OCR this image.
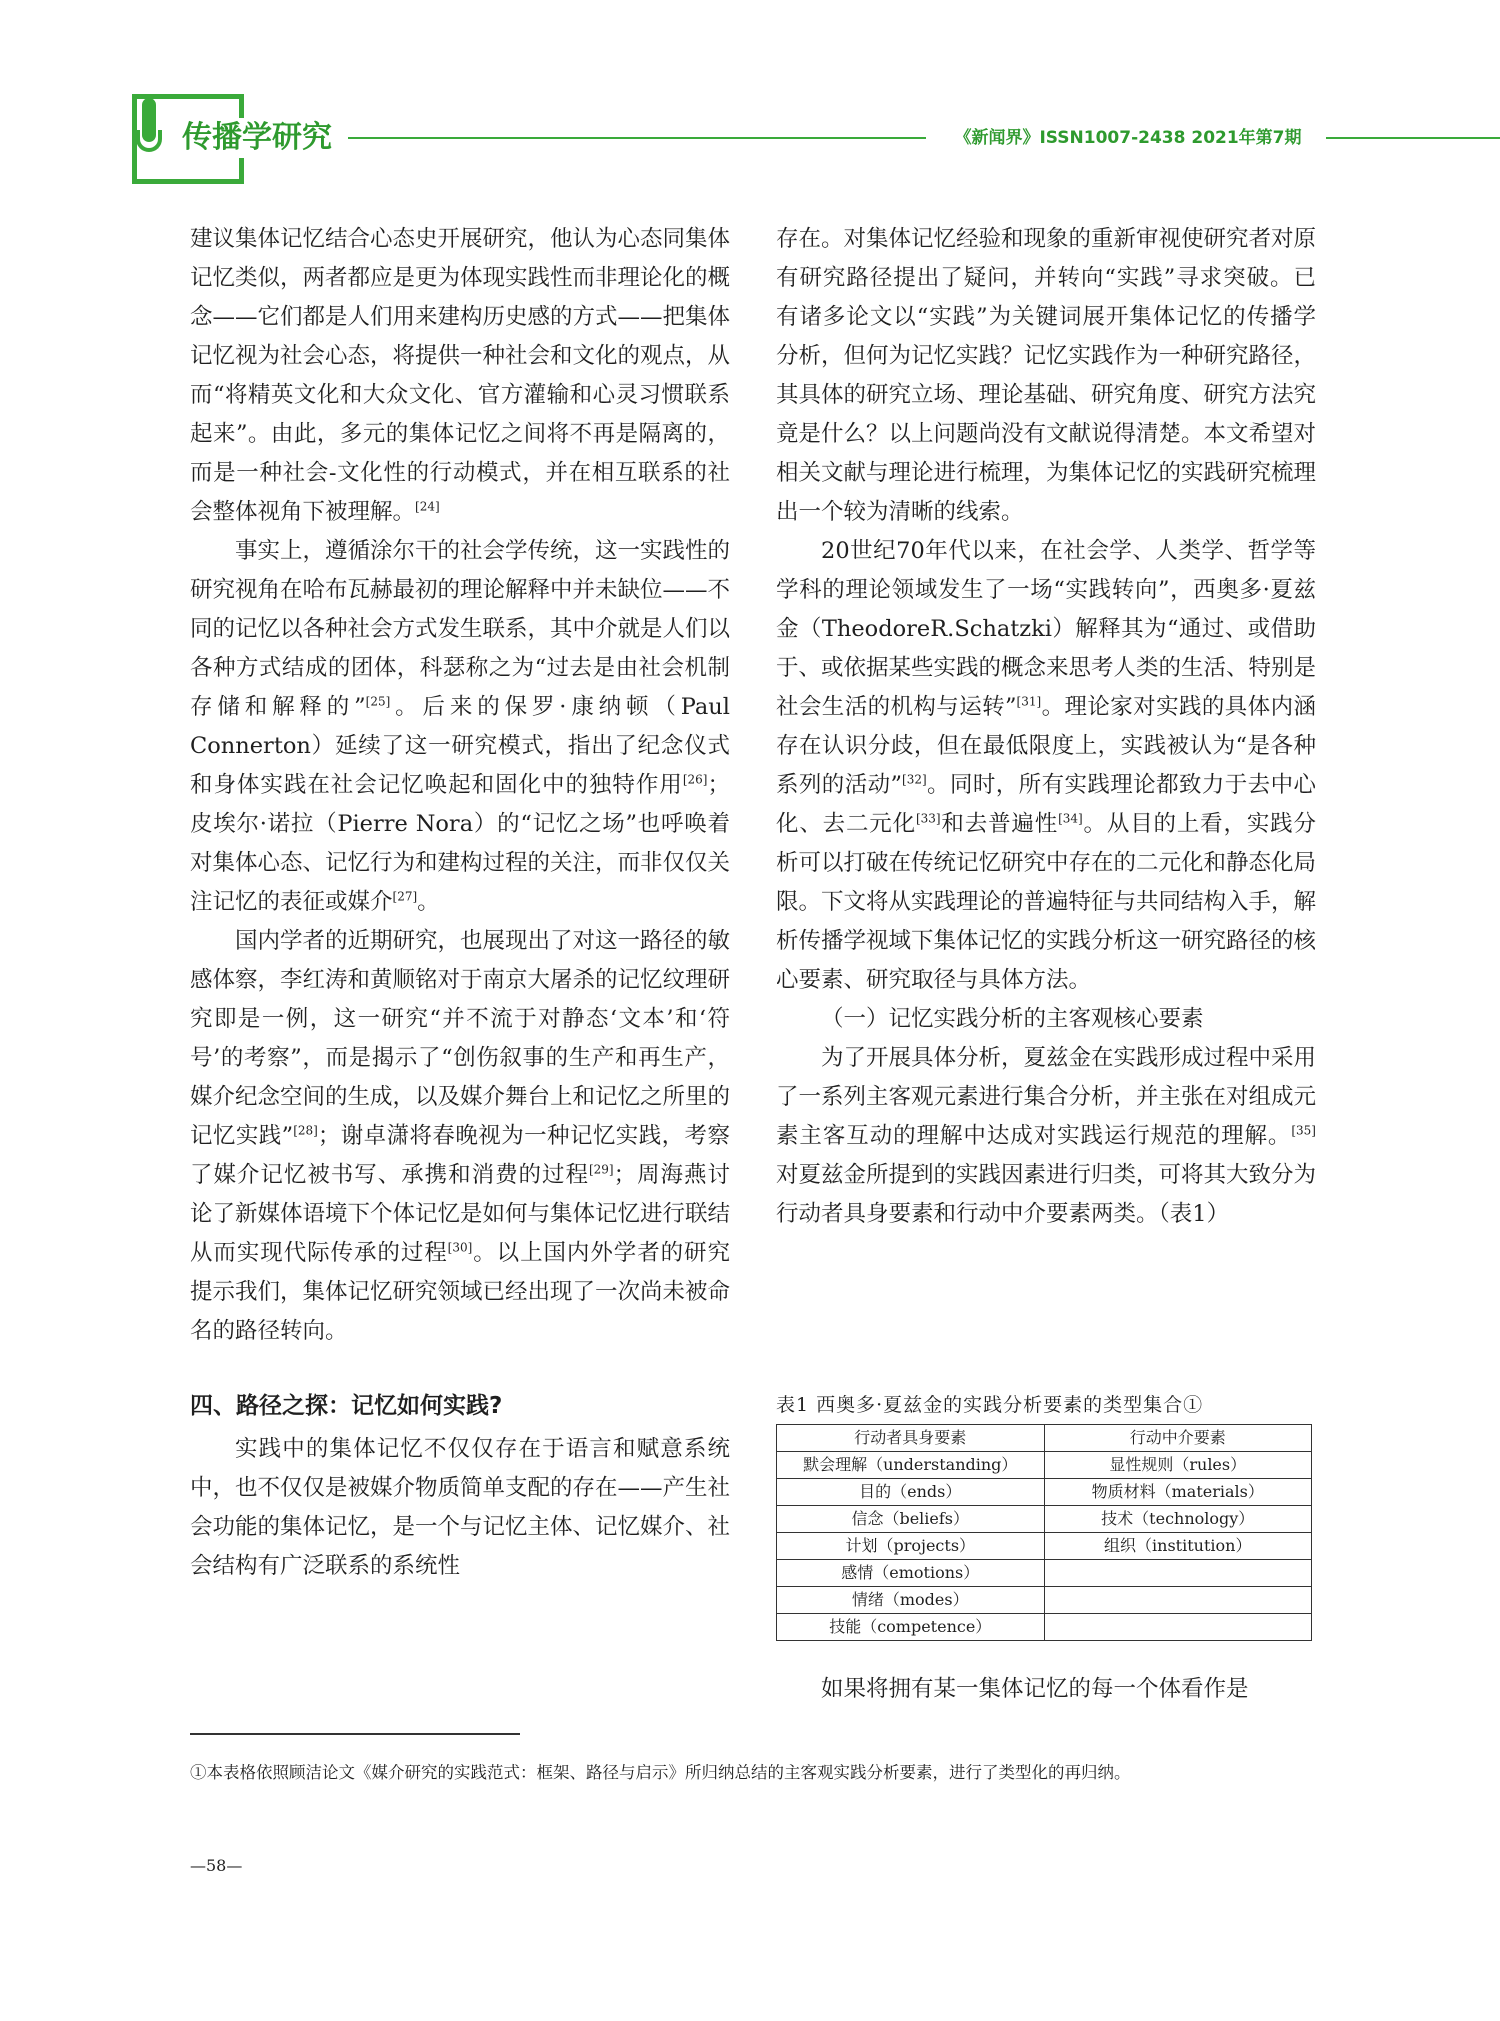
传播学研究	《新闻界》ISSN1007-2438 2021年第7期

建议集体记忆结合心态史开展研究，他认为心态同集体记忆类似，两者都应是更为体现实践性而非理论化的概念——它们都是人们用来建构历史感的方式——把集体记忆视为社会心态，将提供一种社会和文化的观点，从而“将精英文化和大众文化、官方灌输和心灵习惯联系起来”。由此，多元的集体记忆之间将不再是隔离的，而是一种社会-文化性的行动模式，并在相互联系的社会整体视角下被理解。[24]

事实上，遵循涂尔干的社会学传统，这一实践性的研究视角在哈布瓦赫最初的理论解释中并未缺位——不同的记忆以各种社会方式发生联系，其中介就是人们以各种方式结成的团体，科瑟称之为“过去是由社会机制存储和解释的”[25]。后来的保罗·康纳顿（Paul Connerton）延续了这一研究模式，指出了纪念仪式和身体实践在社会记忆唤起和固化中的独特作用[26]；皮埃尔·诺拉（Pierre Nora）的“记忆之场”也呼唤着对集体心态、记忆行为和建构过程的关注，而非仅仅关注记忆的表征或媒介[27]。

国内学者的近期研究，也展现出了对这一路径的敏感体察，李红涛和黄顺铭对于南京大屠杀的记忆纹理研究即是一例，这一研究“并不流于对静态‘文本’和‘符号’的考察”，而是揭示了“创伤叙事的生产和再生产，媒介纪念空间的生成，以及媒介舞台上和记忆之所里的记忆实践”[28]；谢卓潇将春晚视为一种记忆实践，考察了媒介记忆被书写、承携和消费的过程[29]；周海燕讨论了新媒体语境下个体记忆是如何与集体记忆进行联结从而实现代际传承的过程[30]。以上国内外学者的研究提示我们，集体记忆研究领域已经出现了一次尚未被命名的路径转向。

四、路径之探：记忆如何实践?

实践中的集体记忆不仅仅存在于语言和赋意系统中，也不仅仅是被媒介物质简单支配的存在——产生社会功能的集体记忆，是一个与记忆主体、记忆媒介、社会结构有广泛联系的系统性

存在。对集体记忆经验和现象的重新审视使研究者对原有研究路径提出了疑问，并转向“实践”寻求突破。已有诸多论文以“实践”为关键词展开集体记忆的传播学分析，但何为记忆实践？记忆实践作为一种研究路径，其具体的研究立场、理论基础、研究角度、研究方法究竟是什么？以上问题尚没有文献说得清楚。本文希望对相关文献与理论进行梳理，为集体记忆的实践研究梳理出一个较为清晰的线索。

20世纪70年代以来，在社会学、人类学、哲学等学科的理论领域发生了一场“实践转向”，西奥多·夏兹金（TheodoreR.Schatzki）解释其为“通过、或借助于、或依据某些实践的概念来思考人类的生活、特别是社会生活的机构与运转”[31]。理论家对实践的具体内涵存在认识分歧，但在最低限度上，实践被认为“是各种系列的活动”[32]。同时，所有实践理论都致力于去中心化、去二元化[33]和去普遍性[34]。从目的上看，实践分析可以打破在传统记忆研究中存在的二元化和静态化局限。下文将从实践理论的普遍特征与共同结构入手，解析传播学视域下集体记忆的实践分析这一研究路径的核心要素、研究取径与具体方法。

（一）记忆实践分析的主客观核心要素

为了开展具体分析，夏兹金在实践形成过程中采用了一系列主客观元素进行集合分析，并主张在对组成元素主客互动的理解中达成对实践运行规范的理解。[35]对夏兹金所提到的实践因素进行归类，可将其大致分为行动者具身要素和行动中介要素两类。（表1）

表1 西奥多·夏兹金的实践分析要素的类型集合①
行动者具身要素	行动中介要素
默会理解（understanding）	显性规则（rules）
目的（ends）	物质材料（materials）
信念（beliefs）	技术（technology）
计划（projects）	组织（institution）
感情（emotions）	
情绪（modes）	
技能（competence）	
如果将拥有某一集体记忆的每一个体看作是
①本表格依照顾洁论文《媒介研究的实践范式：框架、路径与启示》所归纳总结的主客观实践分析要素，进行了类型化的再归纳。
—58—
